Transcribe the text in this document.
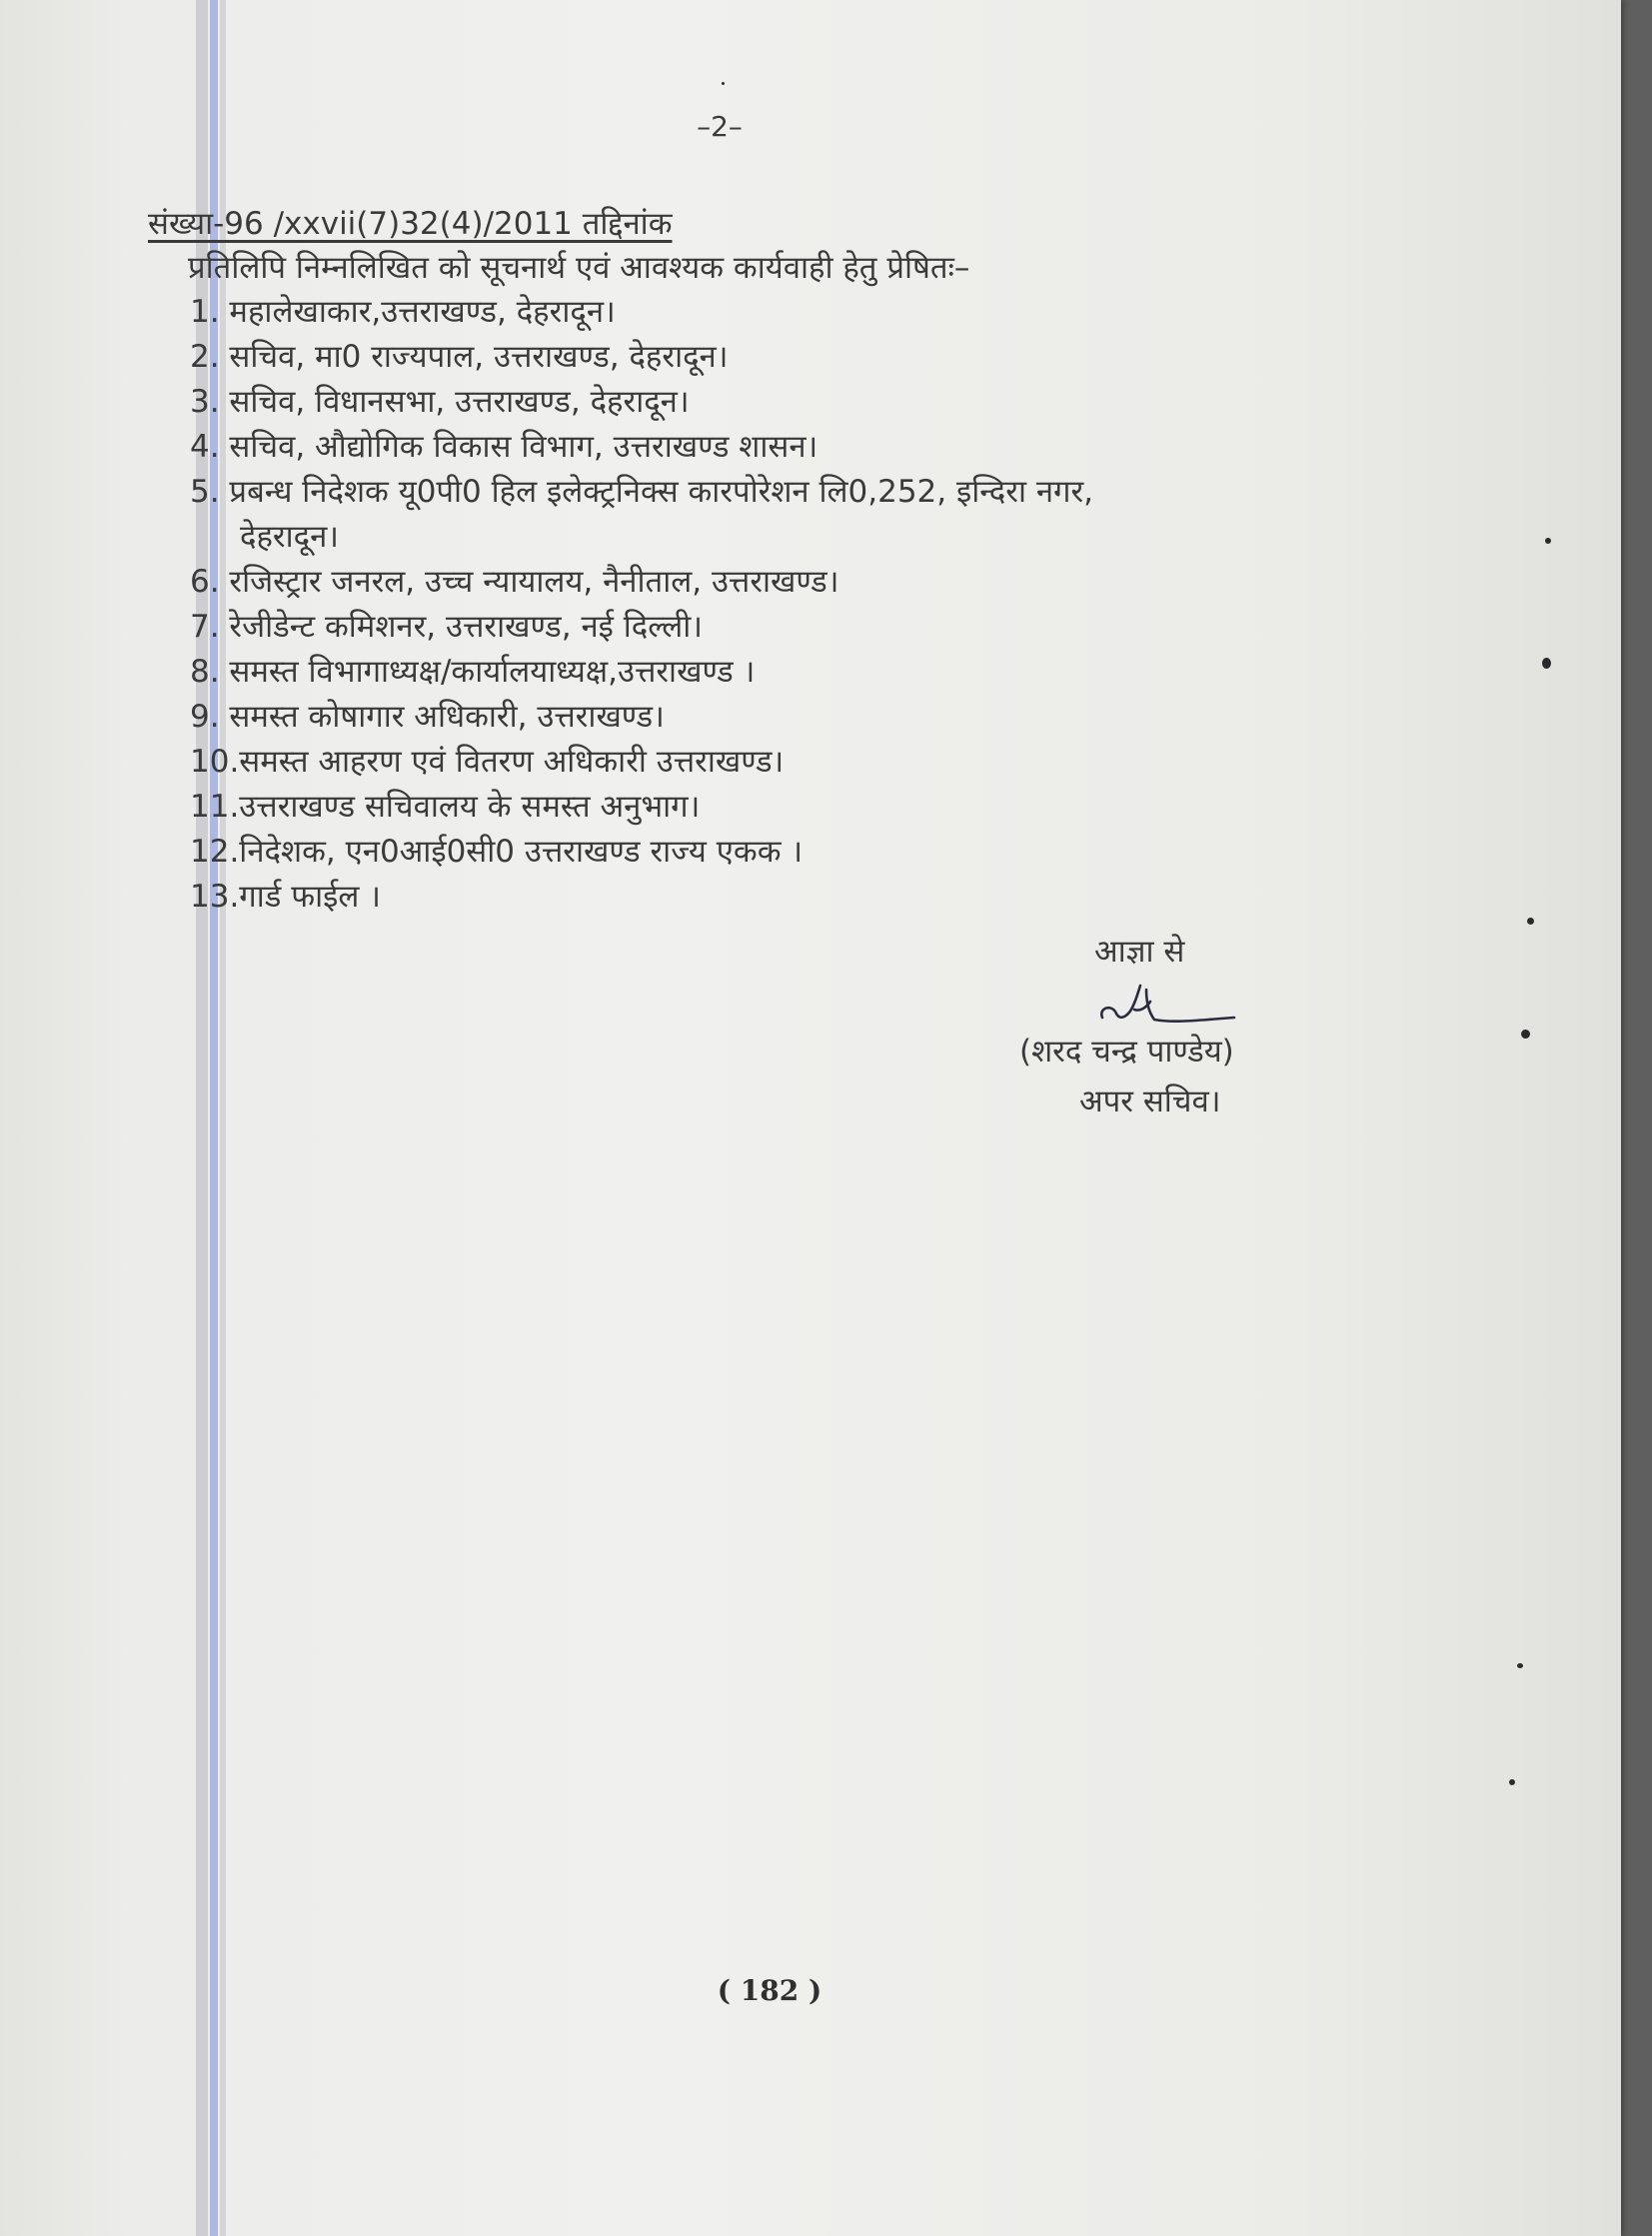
–2–
संख्या-96 /xxvii(7)32(4)/2011 तद्दिनांक
प्रतिलिपि निम्नलिखित को सूचनार्थ एवं आवश्यक कार्यवाही हेतु प्रेषितः–
1. महालेखाकार,उत्तराखण्ड, देहरादून।
2. सचिव, मा0 राज्यपाल, उत्तराखण्ड, देहरादून।
3. सचिव, विधानसभा, उत्तराखण्ड, देहरादून।
4. सचिव, औद्योगिक विकास विभाग, उत्तराखण्ड शासन।
5. प्रबन्ध निदेशक यू0पी0 हिल इलेक्ट्रनिक्स कारपोरेशन लि0,252, इन्दिरा नगर,
देहरादून।
6. रजिस्ट्रार जनरल, उच्च न्यायालय, नैनीताल, उत्तराखण्ड।
7. रेजीडेन्ट कमिशनर, उत्तराखण्ड, नई दिल्ली।
8. समस्त विभागाध्यक्ष/कार्यालयाध्यक्ष,उत्तराखण्ड ।
9. समस्त कोषागार अधिकारी, उत्तराखण्ड।
10.समस्त आहरण एवं वितरण अधिकारी उत्तराखण्ड।
11.उत्तराखण्ड सचिवालय के समस्त अनुभाग।
12.निदेशक, एन0आई0सी0 उत्तराखण्ड राज्य एकक ।
13.गार्ड फाईल ।
आज्ञा से
(शरद चन्द्र पाण्डेय)
अपर सचिव।
( 182 )
